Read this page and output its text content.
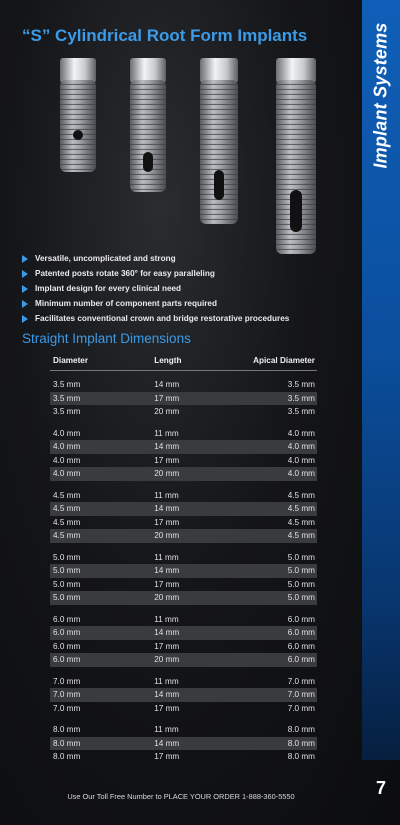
Implant Systems
7
“S” Cylindrical Root Form Implants
Versatile, uncomplicated and strong
Patented posts rotate 360° for easy paralleling
Implant design for every clinical need
Minimum number of component parts required
Facilitates conventional crown and bridge restorative procedures
Straight Implant Dimensions
Diameter	Length	Apical Diameter
3.5 mm	14 mm	3.5 mm
3.5 mm	17 mm	3.5 mm
3.5 mm	20 mm	3.5 mm
4.0 mm	11 mm	4.0 mm
4.0 mm	14 mm	4.0 mm
4.0 mm	17 mm	4.0 mm
4.0 mm	20 mm	4.0 mm
4.5 mm	11 mm	4.5 mm
4.5 mm	14 mm	4.5 mm
4.5 mm	17 mm	4.5 mm
4.5 mm	20 mm	4.5 mm
5.0 mm	11 mm	5.0 mm
5.0 mm	14 mm	5.0 mm
5.0 mm	17 mm	5.0 mm
5.0 mm	20 mm	5.0 mm
6.0 mm	11 mm	6.0 mm
6.0 mm	14 mm	6.0 mm
6.0 mm	17 mm	6.0 mm
6.0 mm	20 mm	6.0 mm
7.0 mm	11 mm	7.0 mm
7.0 mm	14 mm	7.0 mm
7.0 mm	17 mm	7.0 mm
8.0 mm	11 mm	8.0 mm
8.0 mm	14 mm	8.0 mm
8.0 mm	17 mm	8.0 mm

Use Our Toll Free Number to PLACE YOUR ORDER 1-888-360-5550
